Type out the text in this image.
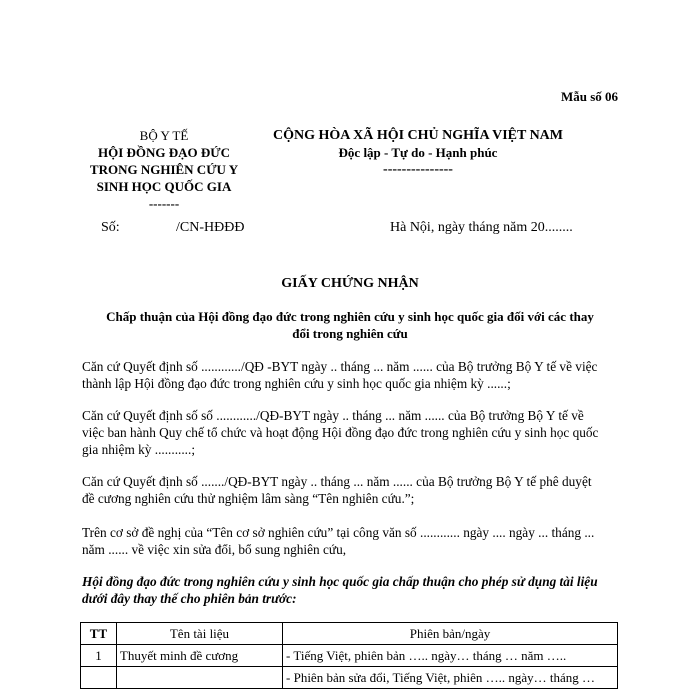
Mẫu số 06
BỘ Y TẾ
HỘI ĐỒNG ĐẠO ĐỨC
TRONG NGHIÊN CỨU Y
SINH HỌC QUỐC GIA
-------
CỘNG HÒA XÃ HỘI CHỦ NGHĨA VIỆT NAM
Độc lập - Tự do - Hạnh phúc
---------------
Số:	/CN-HĐĐĐ	Hà Nội, ngày tháng năm 20........
GIẤY CHỨNG NHẬN
Chấp thuận của Hội đồng đạo đức trong nghiên cứu y sinh học quốc gia đối với các thay
đổi trong nghiên cứu
Căn cứ Quyết định số ............/QĐ -BYT ngày .. tháng ... năm ...... của Bộ trưởng Bộ Y tế về việc
thành lập Hội đồng đạo đức trong nghiên cứu y sinh học quốc gia nhiệm kỳ ......;
Căn cứ Quyết định số số ............/QĐ-BYT ngày .. tháng ... năm ...... của Bộ trưởng Bộ Y tế về
việc ban hành Quy chế tổ chức và hoạt động Hội đồng đạo đức trong nghiên cứu y sinh học quốc
gia nhiệm kỳ ...........;
Căn cứ Quyết định số ......./QĐ-BYT ngày .. tháng ... năm ...... của Bộ trưởng Bộ Y tế phê duyệt
đề cương nghiên cứu thử nghiệm lâm sàng “Tên nghiên cứu.”;
Trên cơ sở đề nghị của “Tên cơ sở nghiên cứu” tại công văn số ............ ngày .... ngày ... tháng ...
năm ...... về việc xin sửa đổi, bổ sung nghiên cứu,
Hội đồng đạo đức trong nghiên cứu y sinh học quốc gia chấp thuận cho phép sử dụng tài liệu
dưới đây thay thế cho phiên bản trước:
TT	Tên tài liệu	Phiên bản/ngày
1	Thuyết minh đề cương	- Tiếng Việt, phiên bản ….. ngày… tháng … năm …..
		- Phiên bản sửa đổi, Tiếng Việt, phiên ….. ngày… tháng …
